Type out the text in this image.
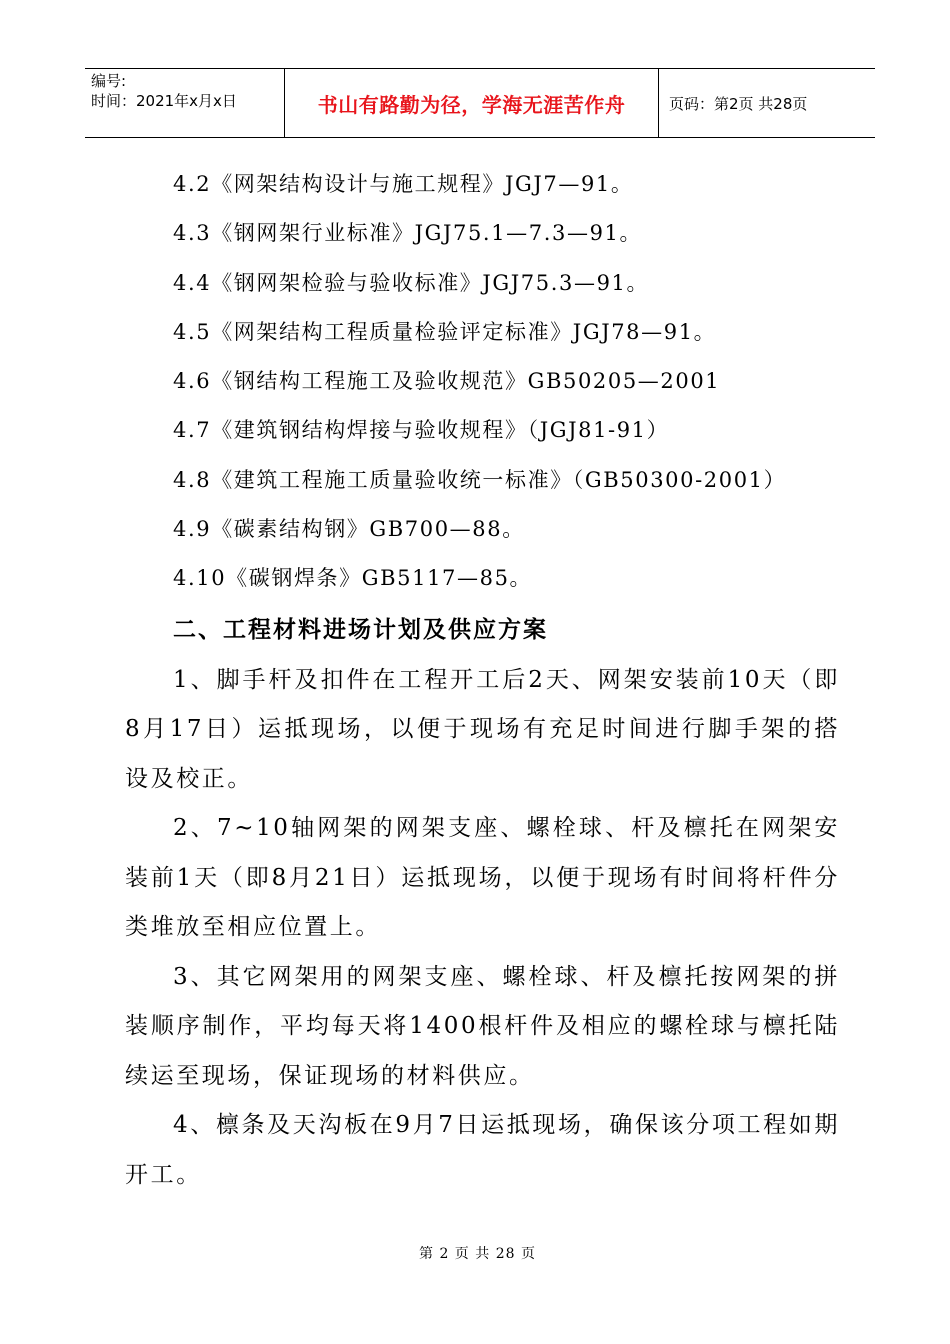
编号:
时间：2021年x月x日	书山有路勤为径，学海无涯苦作舟	页码：第2页 共28页
4.2《网架结构设计与施工规程》JGJ7—91。
4.3《钢网架行业标准》JGJ75.1—7.3—91。
4.4《钢网架检验与验收标准》JGJ75.3—91。
4.5《网架结构工程质量检验评定标准》JGJ78—91。
4.6《钢结构工程施工及验收规范》GB50205—2001
4.7《建筑钢结构焊接与验收规程》（JGJ81-91）
4.8《建筑工程施工质量验收统一标准》（GB50300-2001）
4.9《碳素结构钢》GB700—88。
4.10《碳钢焊条》GB5117—85。
二、工程材料进场计划及供应方案

1、脚手杆及扣件在工程开工后2天、网架安装前10天（即8月17日）运抵现场，以便于现场有充足时间进行脚手架的搭设及校正。

2、7~10轴网架的网架支座、螺栓球、杆及檩托在网架安装前1天（即8月21日）运抵现场，以便于现场有时间将杆件分类堆放至相应位置上。

3、其它网架用的网架支座、螺栓球、杆及檩托按网架的拼装顺序制作，平均每天将1400根杆件及相应的螺栓球与檩托陆续运至现场，保证现场的材料供应。

4、檩条及天沟板在9月7日运抵现场，确保该分项工程如期开工。

第 2 页 共 28 页
